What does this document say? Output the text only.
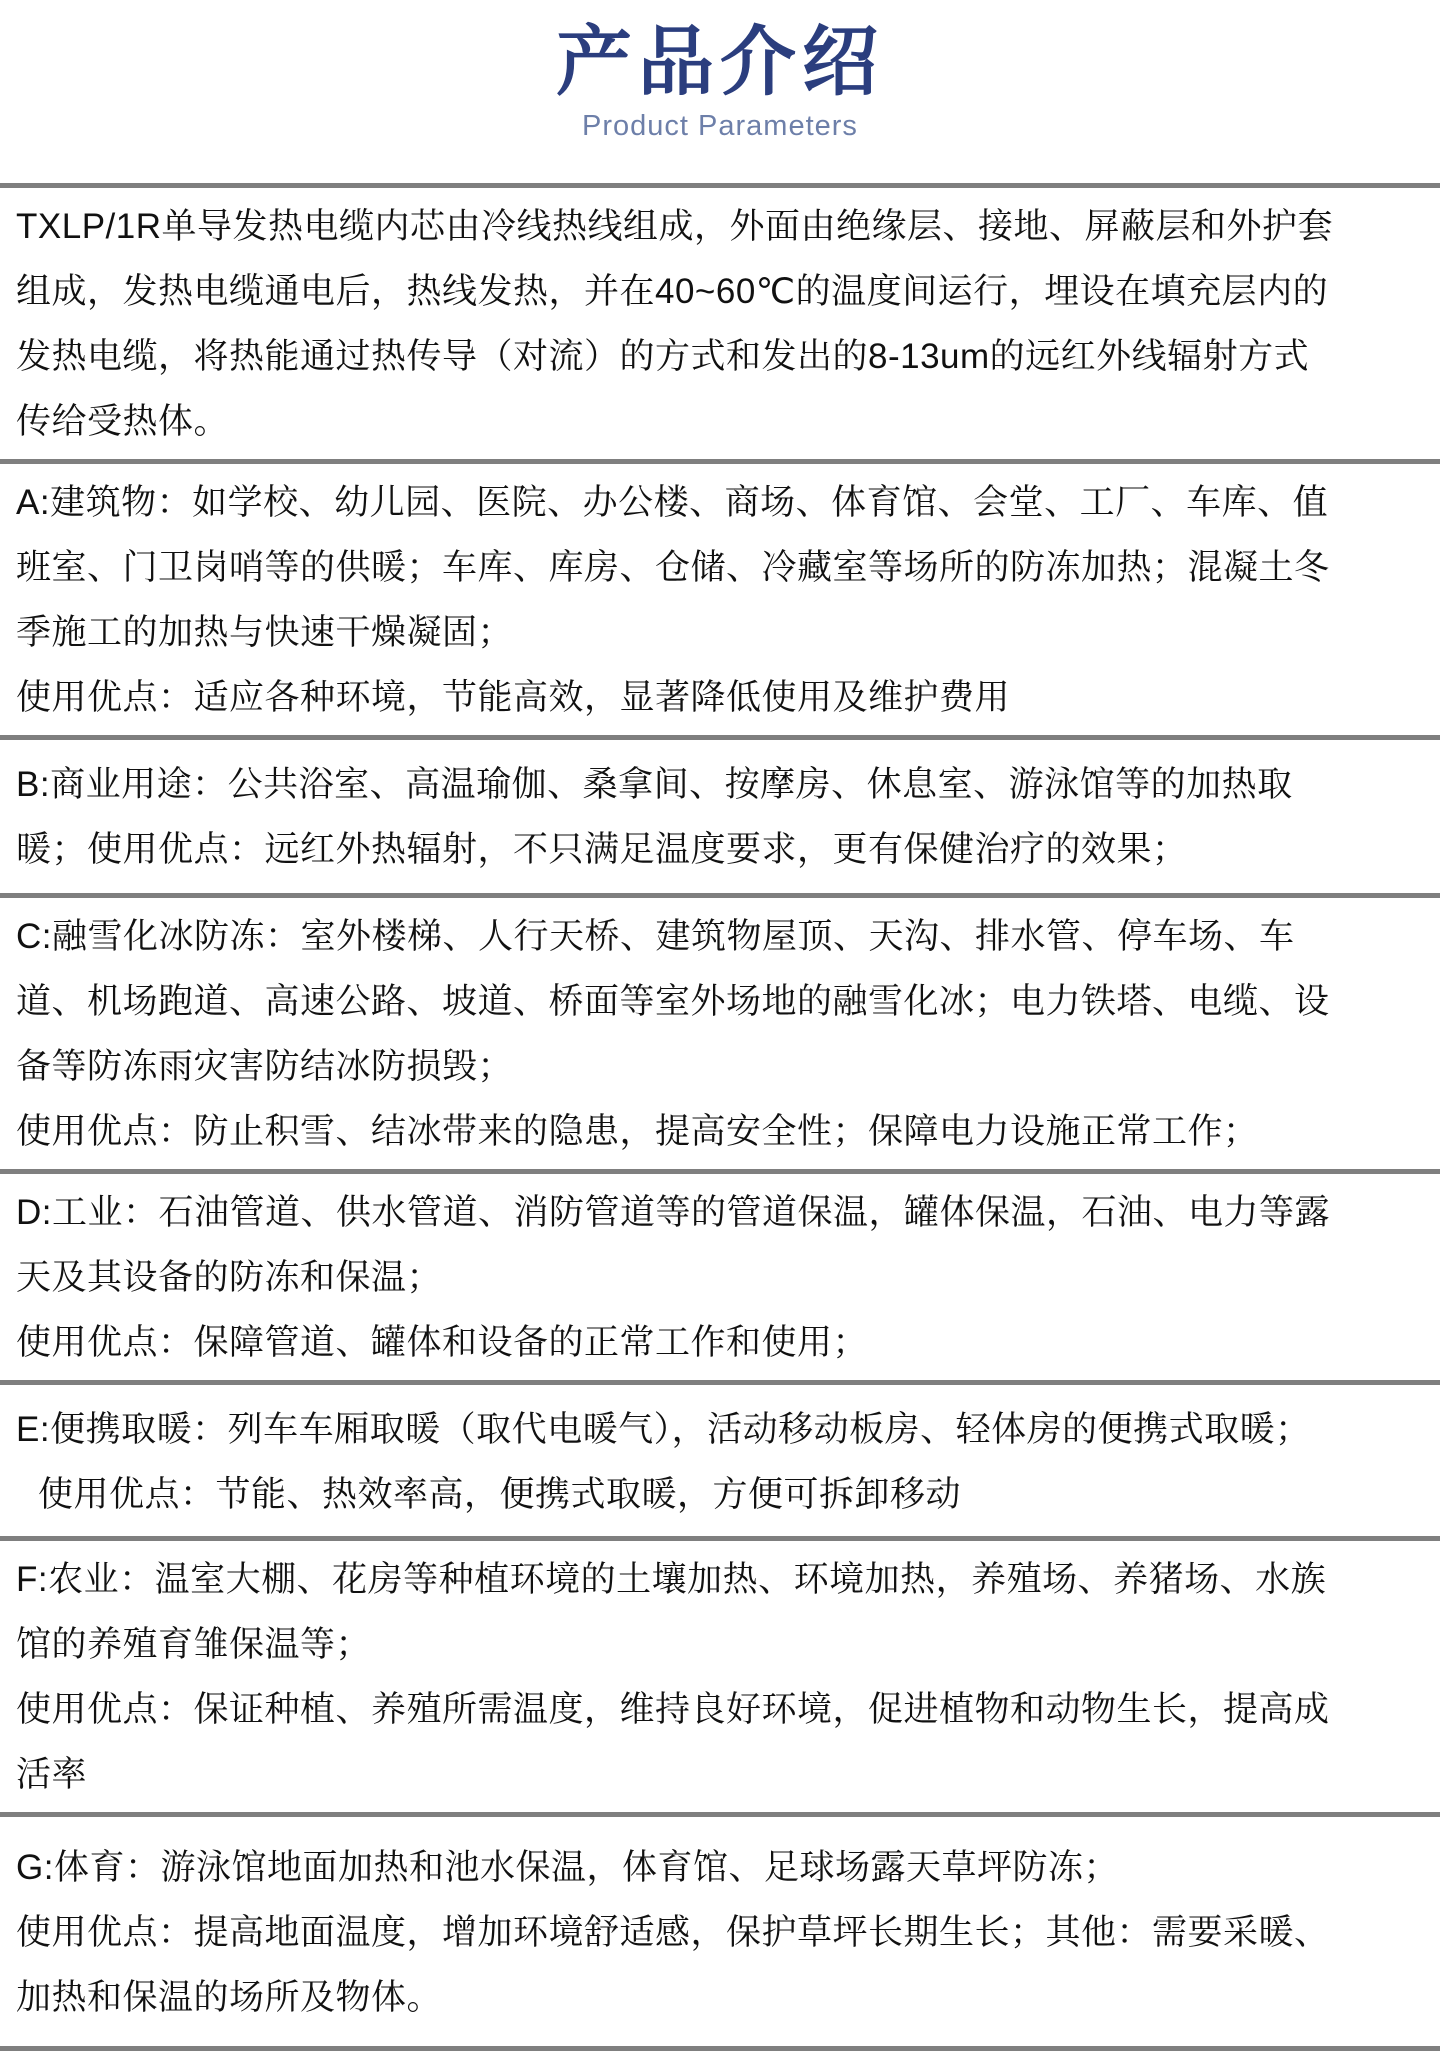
产品介绍
Product Parameters
TXLP/1R单导发热电缆内芯由冷线热线组成，外面由绝缘层、接地、屏蔽层和外护套
组成，发热电缆通电后，热线发热，并在40~60℃的温度间运行，埋设在填充层内的
发热电缆，将热能通过热传导（对流）的方式和发出的8-13um的远红外线辐射方式
传给受热体。
A:建筑物：如学校、幼儿园、医院、办公楼、商场、体育馆、会堂、工厂、车库、值
班室、门卫岗哨等的供暖；车库、库房、仓储、冷藏室等场所的防冻加热；混凝土冬
季施工的加热与快速干燥凝固；
使用优点：适应各种环境，节能高效，显著降低使用及维护费用
B:商业用途：公共浴室、高温瑜伽、桑拿间、按摩房、休息室、游泳馆等的加热取
暖；使用优点：远红外热辐射，不只满足温度要求，更有保健治疗的效果；
C:融雪化冰防冻：室外楼梯、人行天桥、建筑物屋顶、天沟、排水管、停车场、车
道、机场跑道、高速公路、坡道、桥面等室外场地的融雪化冰；电力铁塔、电缆、设
备等防冻雨灾害防结冰防损毁；
使用优点：防止积雪、结冰带来的隐患，提高安全性；保障电力设施正常工作；
D:工业：石油管道、供水管道、消防管道等的管道保温，罐体保温，石油、电力等露
天及其设备的防冻和保温；
使用优点：保障管道、罐体和设备的正常工作和使用；
E:便携取暖：列车车厢取暖（取代电暖气），活动移动板房、轻体房的便携式取暖；
使用优点：节能、热效率高，便携式取暖，方便可拆卸移动
F:农业：温室大棚、花房等种植环境的土壤加热、环境加热，养殖场、养猪场、水族
馆的养殖育雏保温等；
使用优点：保证种植、养殖所需温度，维持良好环境，促进植物和动物生长，提高成
活率
G:体育：游泳馆地面加热和池水保温，体育馆、足球场露天草坪防冻；
使用优点：提高地面温度，增加环境舒适感，保护草坪长期生长；其他：需要采暖、
加热和保温的场所及物体。
